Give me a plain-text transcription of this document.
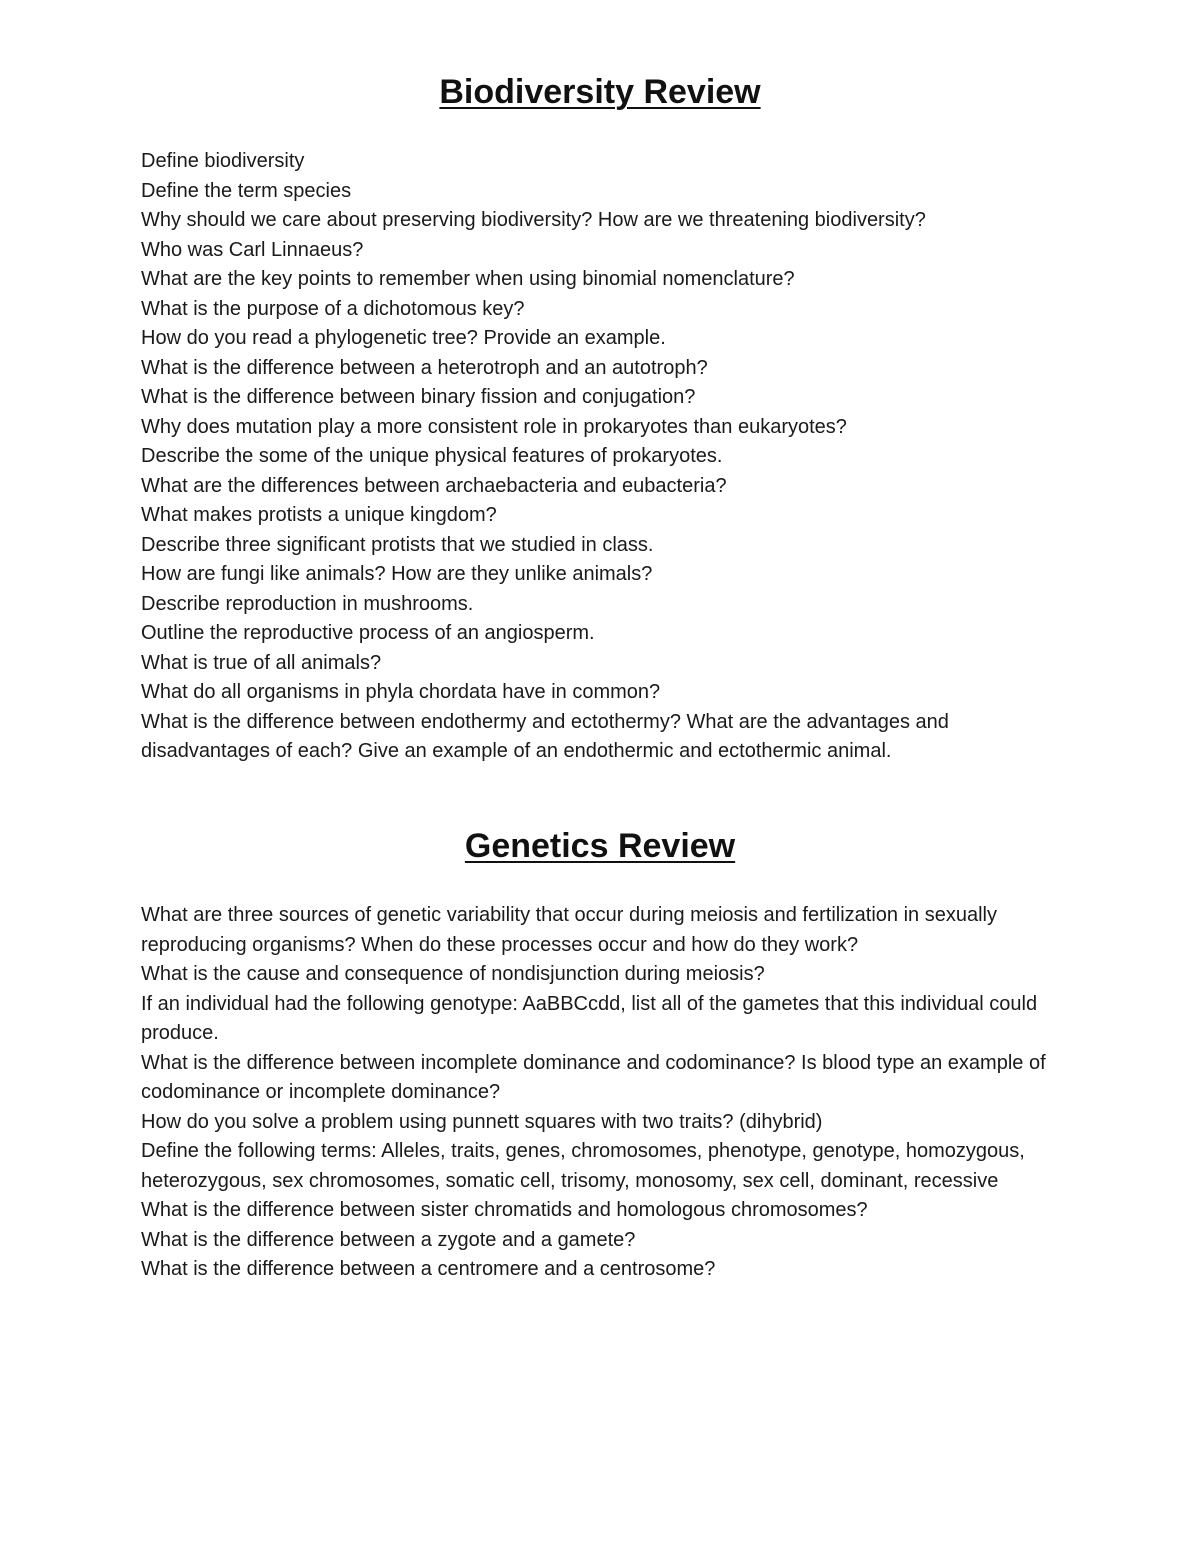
Biodiversity Review
Define biodiversity
Define the term species
Why should we care about preserving biodiversity? How are we threatening biodiversity?
Who was Carl Linnaeus?
What are the key points to remember when using binomial nomenclature?
What is the purpose of a dichotomous key?
How do you read a phylogenetic tree? Provide an example.
What is the difference between a heterotroph and an autotroph?
What is the difference between binary fission and conjugation?
Why does mutation play a more consistent role in prokaryotes than eukaryotes?
Describe the some of the unique physical features of prokaryotes.
What are the differences between archaebacteria and eubacteria?
What makes protists a unique kingdom?
Describe three significant protists that we studied in class.
How are fungi like animals? How are they unlike animals?
Describe reproduction in mushrooms.
Outline the reproductive process of an angiosperm.
What is true of all animals?
What do all organisms in phyla chordata have in common?
What is the difference between endothermy and ectothermy? What are the advantages and disadvantages of each? Give an example of an endothermic and ectothermic animal.
Genetics Review
What are three sources of genetic variability that occur during meiosis and fertilization in sexually reproducing organisms? When do these processes occur and how do they work?
What is the cause and consequence of nondisjunction during meiosis?
If an individual had the following genotype: AaBBCcdd, list all of the gametes that this individual could produce.
What is the difference between incomplete dominance and codominance? Is blood type an example of codominance or incomplete dominance?
How do you solve a problem using punnett squares with two traits? (dihybrid)
Define the following terms: Alleles, traits, genes, chromosomes, phenotype, genotype, homozygous, heterozygous, sex chromosomes, somatic cell, trisomy, monosomy, sex cell, dominant, recessive
What is the difference between sister chromatids and homologous chromosomes?
What is the difference between a zygote and a gamete?
What is the difference between a centromere and a centrosome?
